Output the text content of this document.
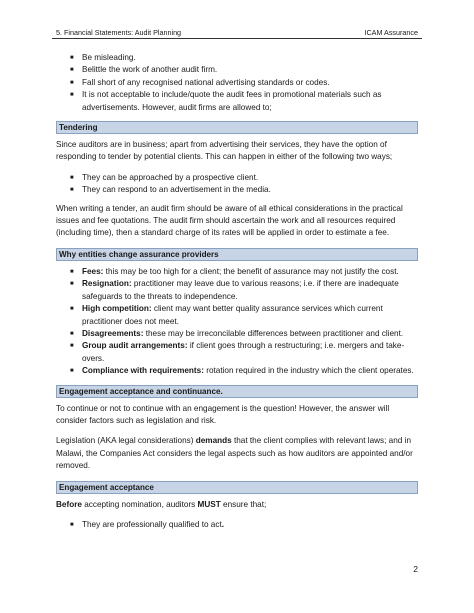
5. Financial Statements: Audit Planning	ICAM Assurance
■ Be misleading.
■ Belittle the work of another audit firm.
■ Fall short of any recognised national advertising standards or codes.
■ It is not acceptable to include/quote the audit fees in promotional materials such as advertisements. However, audit firms are allowed to;
Tendering

Since auditors are in business; apart from advertising their services, they have the option of responding to tender by potential clients. This can happen in either of the following two ways;

■ They can be approached by a prospective client.
■ They can respond to an advertisement in the media.

When writing a tender, an audit firm should be aware of all ethical considerations in the practical issues and fee quotations. The audit firm should ascertain the work and all resources required (including time), then a standard charge of its rates will be applied in order to estimate a fee.

Why entities change assurance providers
■ Fees: this may be too high for a client; the benefit of assurance may not justify the cost.
■ Resignation: practitioner may leave due to various reasons; i.e. if there are inadequate safeguards to the threats to independence.
■ High competition: client may want better quality assurance services which current practitioner does not meet.
■ Disagreements: these may be irreconcilable differences between practitioner and client.
■ Group audit arrangements: if client goes through a restructuring; i.e. mergers and take-overs.
■ Compliance with requirements: rotation required in the industry which the client operates.
Engagement acceptance and continuance.

To continue or not to continue with an engagement is the question! However, the answer will consider factors such as legislation and risk.

Legislation (AKA legal considerations) demands that the client complies with relevant laws; and in Malawi, the Companies Act considers the legal aspects such as how auditors are appointed and/or removed.

Engagement acceptance

Before accepting nomination, auditors MUST ensure that;

■ They are professionally qualified to act.
2
